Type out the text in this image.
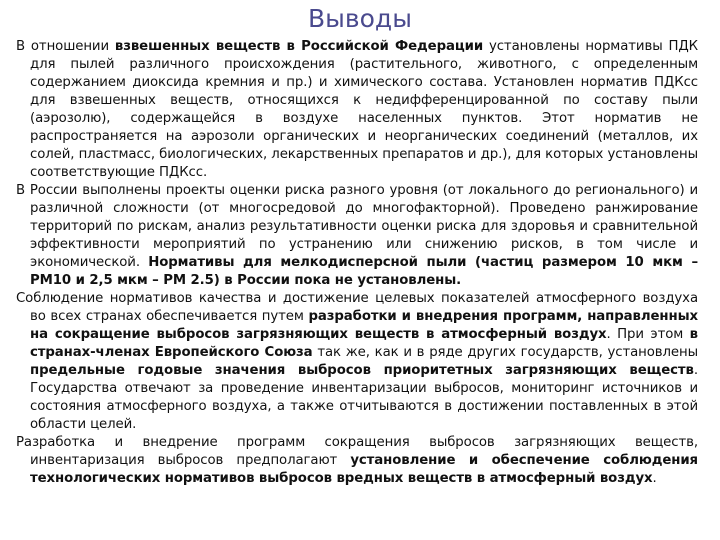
Выводы

В отношении взвешенных веществ в Российской Федерации установлены нормативы ПДК для пылей различного происхождения (растительного, животного, с определенным содержанием диоксида кремния и пр.) и химического состава. Установлен норматив ПДКсс для взвешенных веществ, относящихся к недифференцированной по составу пыли (аэрозолю), содержащейся в воздухе населенных пунктов. Этот норматив не распространяется на аэрозоли органических и неорганических соединений (металлов, их солей, пластмасс, биологических, лекарственных препаратов и др.), для которых установлены соответствующие ПДКсс.

В России выполнены проекты оценки риска разного уровня (от локального до регионального) и различной сложности (от многосредовой до многофакторной). Проведено ранжирование территорий по рискам, анализ результативности оценки риска для здоровья и сравнительной эффективности мероприятий по устранению или снижению рисков, в том числе и экономической. Нормативы для мелкодисперсной пыли (частиц размером 10 мкм – РМ10 и 2,5 мкм – РМ 2.5) в России пока не установлены.

Соблюдение нормативов качества и достижение целевых показателей атмосферного воздуха во всех странах обеспечивается путем разработки и внедрения программ, направленных на сокращение выбросов загрязняющих веществ в атмосферный воздух. При этом в странах-членах Европейского Союза так же, как и в ряде других государств, установлены предельные годовые значения выбросов приоритетных загрязняющих веществ. Государства отвечают за проведение инвентаризации выбросов, мониторинг источников и состояния атмосферного воздуха, а также отчитываются в достижении поставленных в этой области целей.

Разработка и внедрение программ сокращения выбросов загрязняющих веществ, инвентаризация выбросов предполагают установление и обеспечение соблюдения технологических нормативов выбросов вредных веществ в атмосферный воздух.
